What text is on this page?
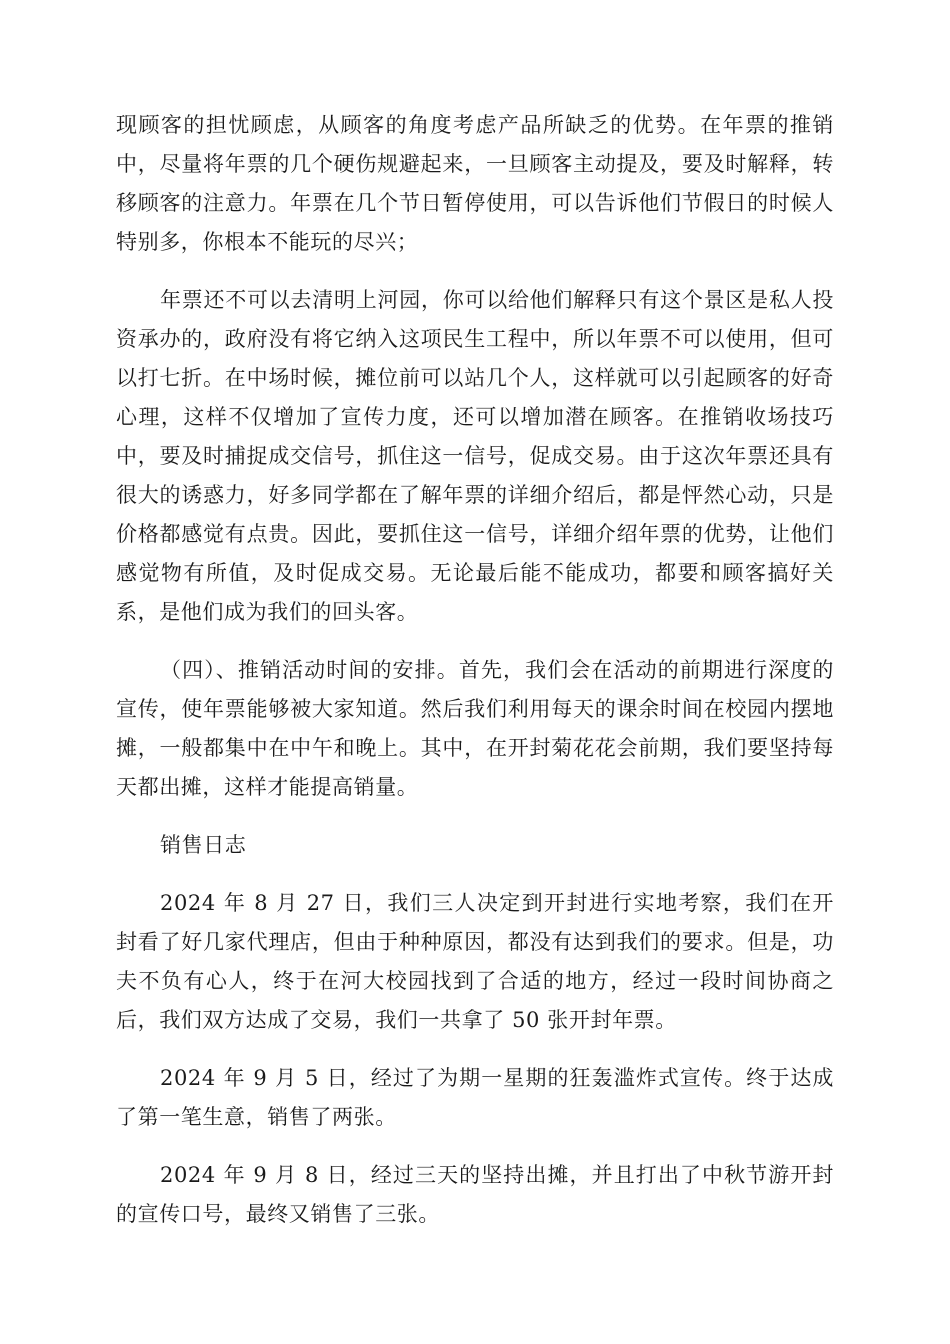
现顾客的担忧顾虑，从顾客的角度考虑产品所缺乏的优势。在年票的推销中，尽量将年票的几个硬伤规避起来，一旦顾客主动提及，要及时解释，转移顾客的注意力。年票在几个节日暂停使用，可以告诉他们节假日的时候人特别多，你根本不能玩的尽兴；

年票还不可以去清明上河园，你可以给他们解释只有这个景区是私人投资承办的，政府没有将它纳入这项民生工程中，所以年票不可以使用，但可以打七折。在中场时候，摊位前可以站几个人，这样就可以引起顾客的好奇心理，这样不仅增加了宣传力度，还可以增加潜在顾客。在推销收场技巧中，要及时捕捉成交信号，抓住这一信号，促成交易。由于这次年票还具有很大的诱惑力，好多同学都在了解年票的详细介绍后，都是怦然心动，只是价格都感觉有点贵。因此，要抓住这一信号，详细介绍年票的优势，让他们感觉物有所值，及时促成交易。无论最后能不能成功，都要和顾客搞好关系，是他们成为我们的回头客。

（四）、推销活动时间的安排。首先，我们会在活动的前期进行深度的宣传，使年票能够被大家知道。然后我们利用每天的课余时间在校园内摆地摊，一般都集中在中午和晚上。其中，在开封菊花花会前期，我们要坚持每天都出摊，这样才能提高销量。

销售日志

2024 年 8 月 27 日，我们三人决定到开封进行实地考察，我们在开封看了好几家代理店，但由于种种原因，都没有达到我们的要求。但是，功夫不负有心人，终于在河大校园找到了合适的地方，经过一段时间协商之后，我们双方达成了交易，我们一共拿了 50 张开封年票。

2024 年 9 月 5 日，经过了为期一星期的狂轰滥炸式宣传。终于达成了第一笔生意，销售了两张。

2024 年 9 月 8 日，经过三天的坚持出摊，并且打出了中秋节游开封的宣传口号，最终又销售了三张。
